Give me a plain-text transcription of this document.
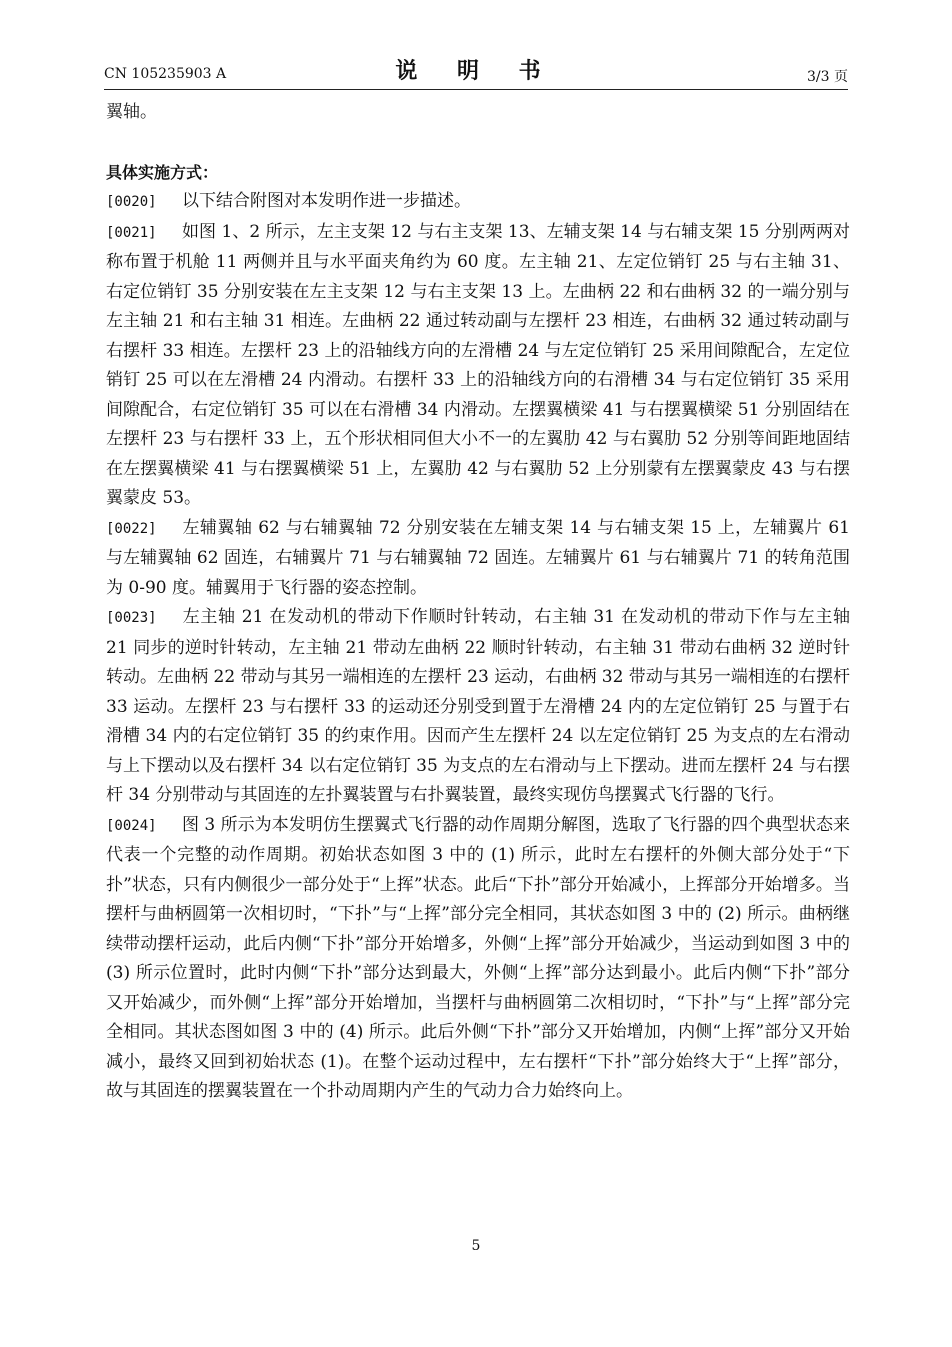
CN 105235903 A	说 明 书	3/3 页

翼轴。

具体实施方式：

[0020] 以下结合附图对本发明作进一步描述。

[0021] 如图 1、2 所示，左主支架 12 与右主支架 13、左辅支架 14 与右辅支架 15 分别两两对称布置于机舱 11 两侧并且与水平面夹角约为 60 度。左主轴 21、左定位销钉 25 与右主轴 31、右定位销钉 35 分别安装在左主支架 12 与右主支架 13 上。左曲柄 22 和右曲柄 32 的一端分别与左主轴 21 和右主轴 31 相连。左曲柄 22 通过转动副与左摆杆 23 相连，右曲柄 32 通过转动副与右摆杆 33 相连。左摆杆 23 上的沿轴线方向的左滑槽 24 与左定位销钉 25 采用间隙配合，左定位销钉 25 可以在左滑槽 24 内滑动。右摆杆 33 上的沿轴线方向的右滑槽 34 与右定位销钉 35 采用间隙配合，右定位销钉 35 可以在右滑槽 34 内滑动。左摆翼横梁 41 与右摆翼横梁 51 分别固结在左摆杆 23 与右摆杆 33 上，五个形状相同但大小不一的左翼肋 42 与右翼肋 52 分别等间距地固结在左摆翼横梁 41 与右摆翼横梁 51 上，左翼肋 42 与右翼肋 52 上分别蒙有左摆翼蒙皮 43 与右摆翼蒙皮 53。

[0022] 左辅翼轴 62 与右辅翼轴 72 分别安装在左辅支架 14 与右辅支架 15 上，左辅翼片 61 与左辅翼轴 62 固连，右辅翼片 71 与右辅翼轴 72 固连。左辅翼片 61 与右辅翼片 71 的转角范围为 0-90 度。辅翼用于飞行器的姿态控制。

[0023] 左主轴 21 在发动机的带动下作顺时针转动，右主轴 31 在发动机的带动下作与左主轴 21 同步的逆时针转动，左主轴 21 带动左曲柄 22 顺时针转动，右主轴 31 带动右曲柄 32 逆时针转动。左曲柄 22 带动与其另一端相连的左摆杆 23 运动，右曲柄 32 带动与其另一端相连的右摆杆 33 运动。左摆杆 23 与右摆杆 33 的运动还分别受到置于左滑槽 24 内的左定位销钉 25 与置于右滑槽 34 内的右定位销钉 35 的约束作用。因而产生左摆杆 24 以左定位销钉 25 为支点的左右滑动与上下摆动以及右摆杆 34 以右定位销钉 35 为支点的左右滑动与上下摆动。进而左摆杆 24 与右摆杆 34 分别带动与其固连的左扑翼装置与右扑翼装置，最终实现仿鸟摆翼式飞行器的飞行。

[0024] 图 3 所示为本发明仿生摆翼式飞行器的动作周期分解图，选取了飞行器的四个典型状态来代表一个完整的动作周期。初始状态如图 3 中的 (1) 所示，此时左右摆杆的外侧大部分处于“下扑”状态，只有内侧很少一部分处于“上挥”状态。此后“下扑”部分开始减小，上挥部分开始增多。当摆杆与曲柄圆第一次相切时，“下扑”与“上挥”部分完全相同，其状态如图 3 中的 (2) 所示。曲柄继续带动摆杆运动，此后内侧“下扑”部分开始增多，外侧“上挥”部分开始减少，当运动到如图 3 中的 (3) 所示位置时，此时内侧“下扑”部分达到最大，外侧“上挥”部分达到最小。此后内侧“下扑”部分又开始减少，而外侧“上挥”部分开始增加，当摆杆与曲柄圆第二次相切时，“下扑”与“上挥”部分完全相同。其状态图如图 3 中的 (4) 所示。此后外侧“下扑”部分又开始增加，内侧“上挥”部分又开始减小，最终又回到初始状态 (1)。在整个运动过程中，左右摆杆“下扑”部分始终大于“上挥”部分，故与其固连的摆翼装置在一个扑动周期内产生的气动力合力始终向上。

5
